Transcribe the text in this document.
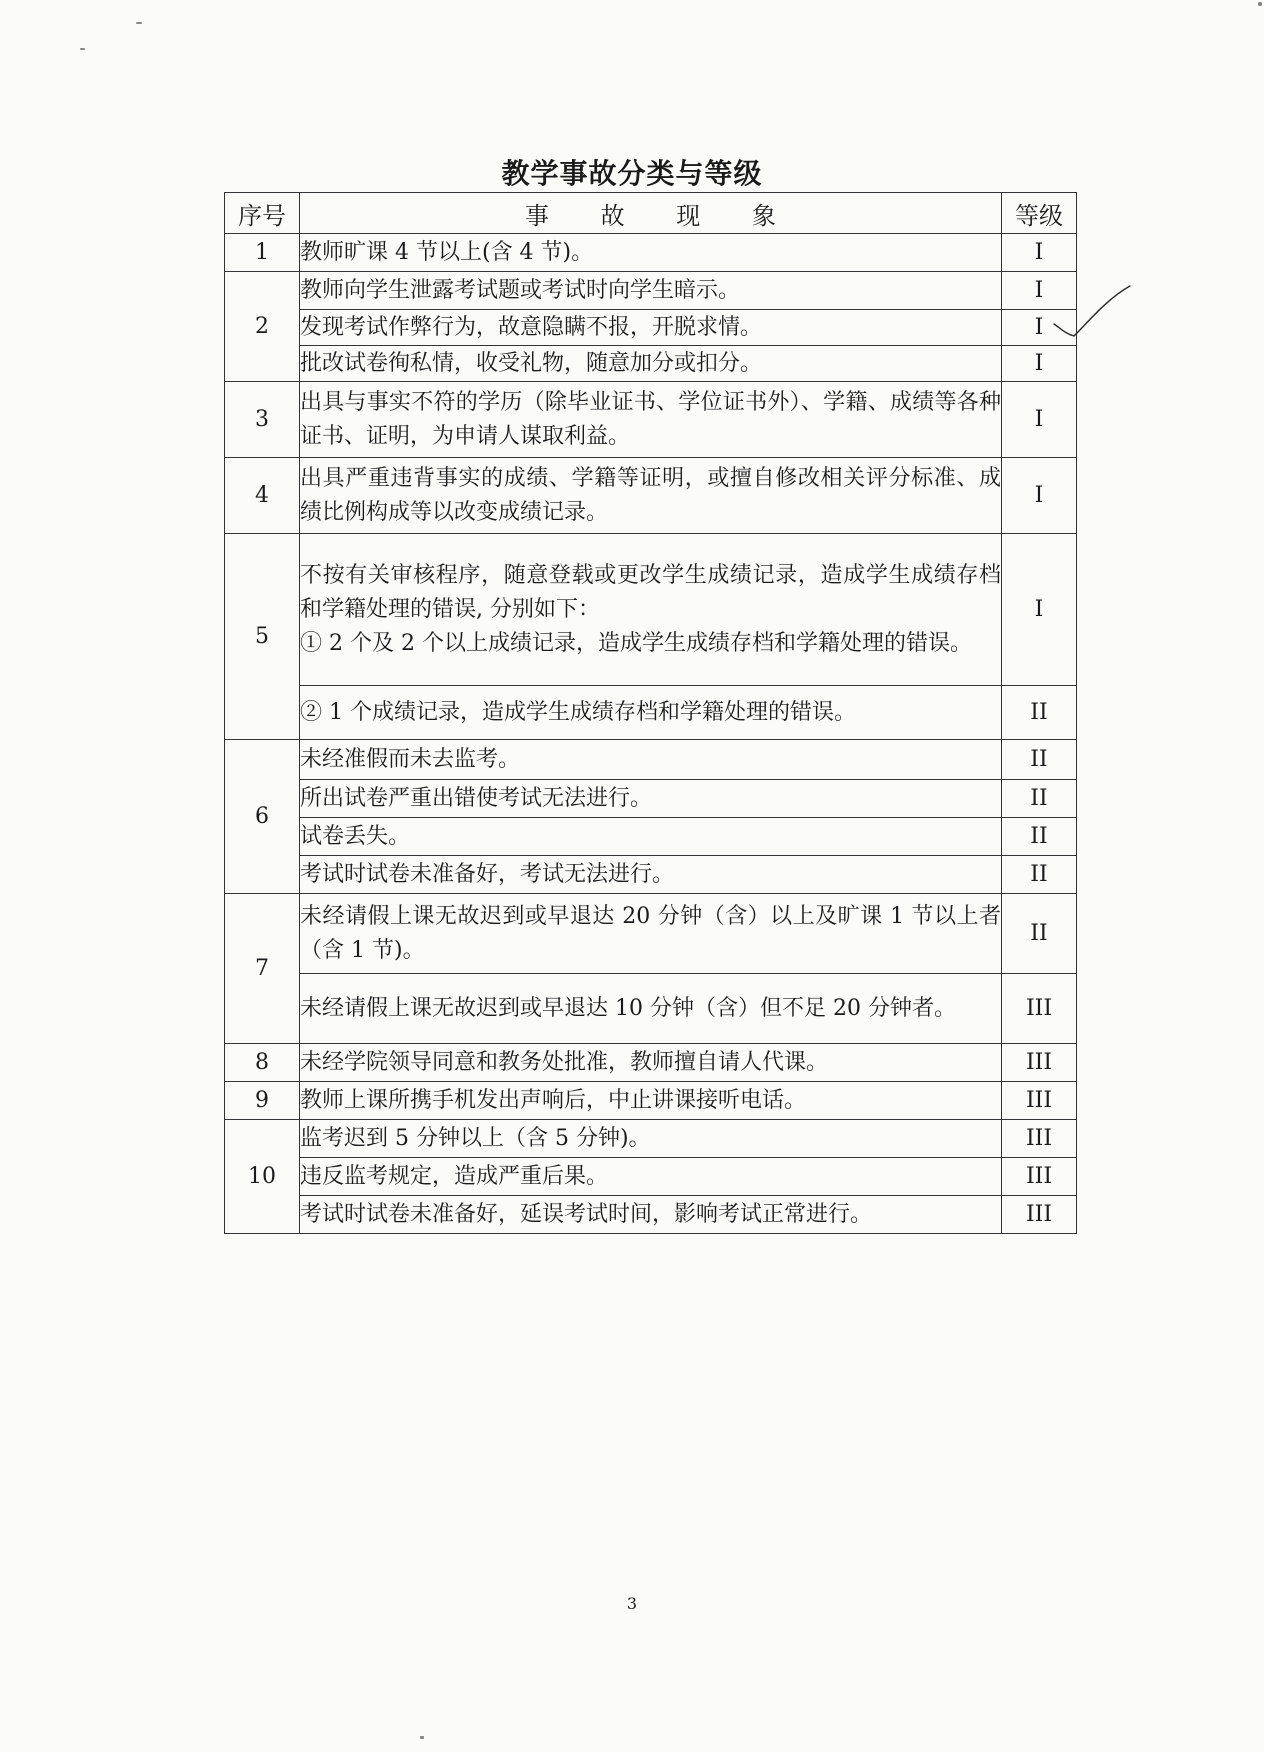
教学事故分类与等级
序号	事 故 现 象	等级
1	教师旷课 4 节以上(含 4 节)。	I
2	教师向学生泄露考试题或考试时向学生暗示。	I

	发现考试作弊行为，故意隐瞒不报，开脱求情。	I

	批改试卷徇私情，收受礼物，随意加分或扣分。	I
3	出具与事实不符的学历（除毕业证书、学位证书外）、学籍、成绩等各种证书、证明，为申请人谋取利益。	I
4	出具严重违背事实的成绩、学籍等证明，或擅自修改相关评分标准、成绩比例构成等以改变成绩记录。	I
5	不按有关审核程序，随意登载或更改学生成绩记录，造成学生成绩存档和学籍处理的错误, 分别如下：
① 2 个及 2 个以上成绩记录，造成学生成绩存档和学籍处理的错误。	I

	② 1 个成绩记录，造成学生成绩存档和学籍处理的错误。	II
6	未经准假而未去监考。	II

	所出试卷严重出错使考试无法进行。	II

	试卷丢失。	II

	考试时试卷未准备好，考试无法进行。	II
7	未经请假上课无故迟到或早退达 20 分钟（含）以上及旷课 1 节以上者（含 1 节)。	II

	未经请假上课无故迟到或早退达 10 分钟（含）但不足 20 分钟者。	III
8	未经学院领导同意和教务处批准，教师擅自请人代课。	III
9	教师上课所携手机发出声响后，中止讲课接听电话。	III
10	监考迟到 5 分钟以上（含 5 分钟)。	III

	违反监考规定，造成严重后果。	III

	考试时试卷未准备好，延误考试时间，影响考试正常进行。	III
3
